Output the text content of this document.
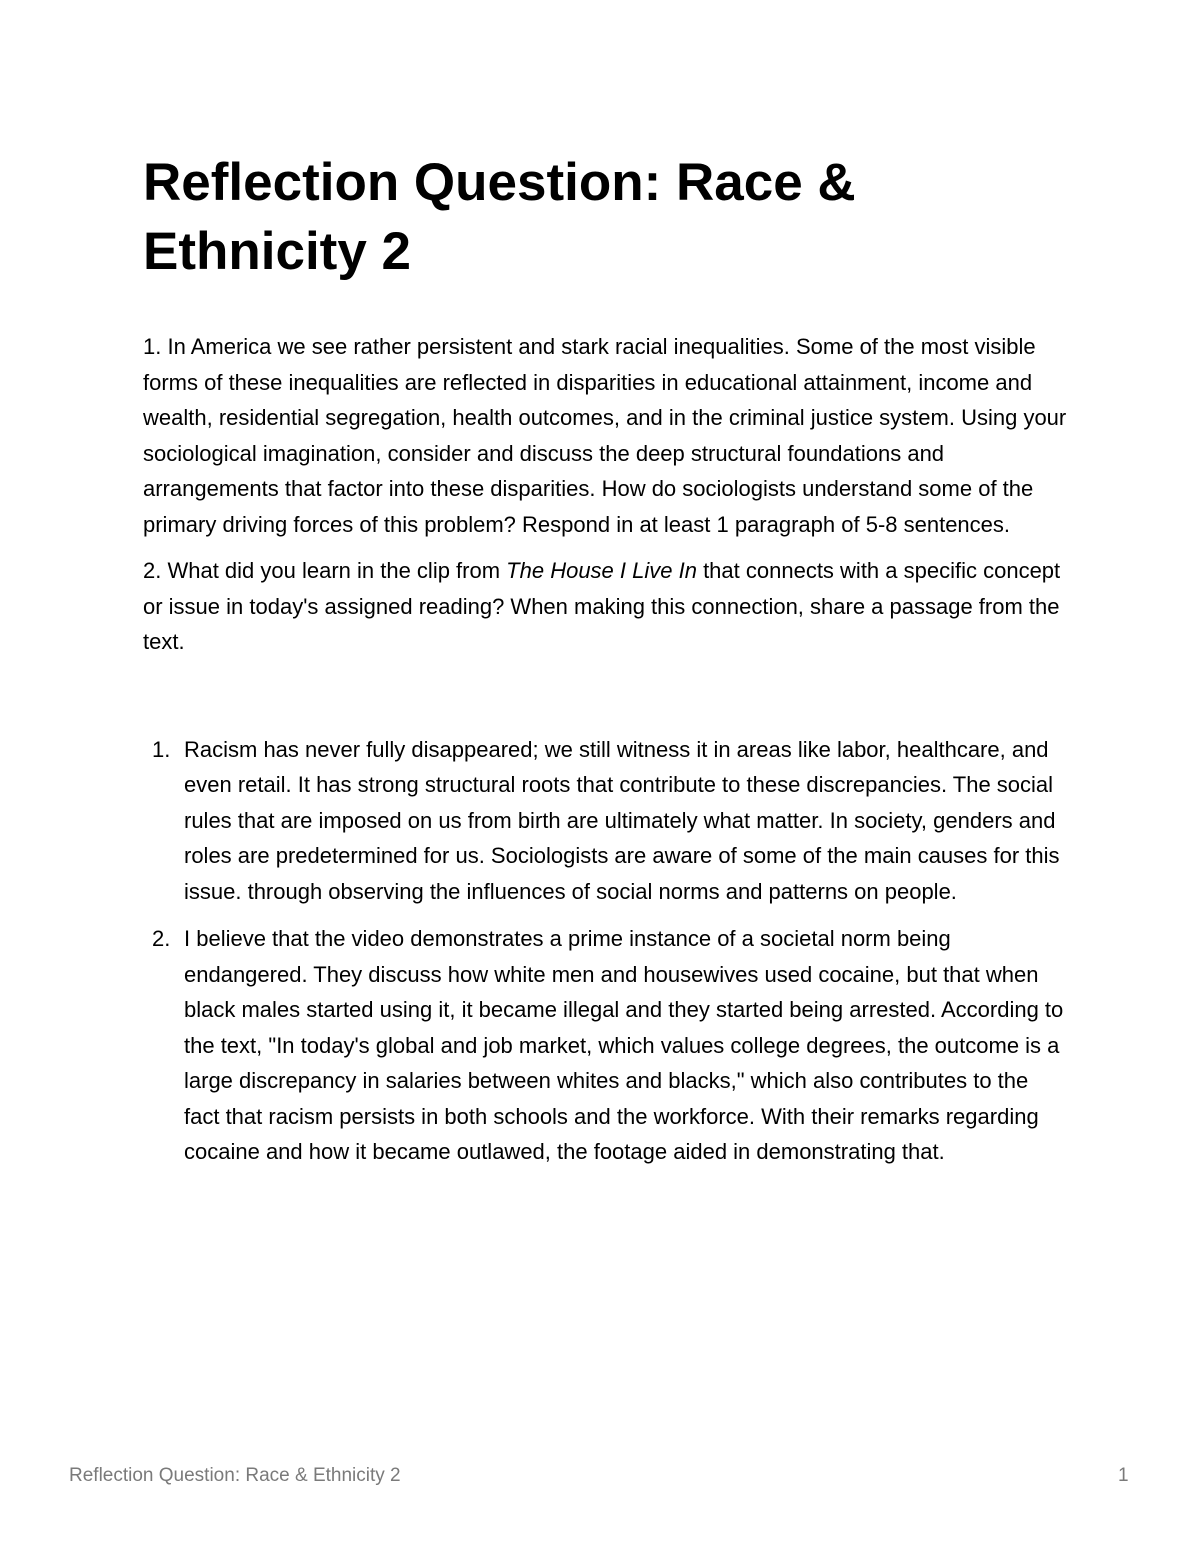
Reflection Question: Race & Ethnicity 2

1. In America we see rather persistent and stark racial inequalities. Some of the most visible forms of these inequalities are reflected in disparities in educational attainment, income and wealth, residential segregation, health outcomes, and in the criminal justice system. Using your sociological imagination, consider and discuss the deep structural foundations and arrangements that factor into these disparities. How do sociologists understand some of the primary driving forces of this problem? Respond in at least 1 paragraph of 5-8 sentences.

2. What did you learn in the clip from The House I Live In that connects with a specific concept or issue in today's assigned reading? When making this connection, share a passage from the text.

1. Racism has never fully disappeared; we still witness it in areas like labor, healthcare, and even retail. It has strong structural roots that contribute to these discrepancies. The social rules that are imposed on us from birth are ultimately what matter. In society, genders and roles are predetermined for us. Sociologists are aware of some of the main causes for this issue. through observing the influences of social norms and patterns on people.
2. I believe that the video demonstrates a prime instance of a societal norm being endangered. They discuss how white men and housewives used cocaine, but that when black males started using it, it became illegal and they started being arrested. According to the text, "In today's global and job market, which values college degrees, the outcome is a large discrepancy in salaries between whites and blacks," which also contributes to the fact that racism persists in both schools and the workforce. With their remarks regarding cocaine and how it became outlawed, the footage aided in demonstrating that.
Reflection Question: Race & Ethnicity 2	1
